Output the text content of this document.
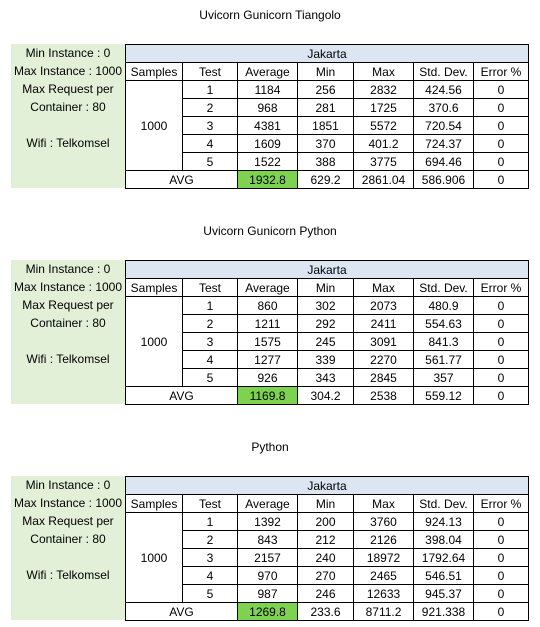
Uvicorn Gunicorn Tiangolo
Min Instance : 0
Max Instance : 1000
Max Request per
Container : 80
Wifi : Telkomsel
Jakarta						
Samples	Test	Average	Min	Max	Std. Dev.	Error %
1000	1	1184	256	2832	424.56	0
	2	968	281	1725	370.6	0
	3	4381	1851	5572	720.54	0
	4	1609	370	401.2	724.37	0
	5	1522	388	3775	694.46	0
AVG		1932.8	629.2	2861.04	586.906	0
Uvicorn Gunicorn Python
Min Instance : 0
Max Instance : 1000
Max Request per
Container : 80
Wifi : Telkomsel
Jakarta						
Samples	Test	Average	Min	Max	Std. Dev.	Error %
1000	1	860	302	2073	480.9	0
	2	1211	292	2411	554.63	0
	3	1575	245	3091	841.3	0
	4	1277	339	2270	561.77	0
	5	926	343	2845	357	0
AVG		1169.8	304.2	2538	559.12	0
Python
Min Instance : 0
Max Instance : 1000
Max Request per
Container : 80
Wifi : Telkomsel
Jakarta						
Samples	Test	Average	Min	Max	Std. Dev.	Error %
1000	1	1392	200	3760	924.13	0
	2	843	212	2126	398.04	0
	3	2157	240	18972	1792.64	0
	4	970	270	2465	546.51	0
	5	987	246	12633	945.37	0
AVG		1269.8	233.6	8711.2	921.338	0
